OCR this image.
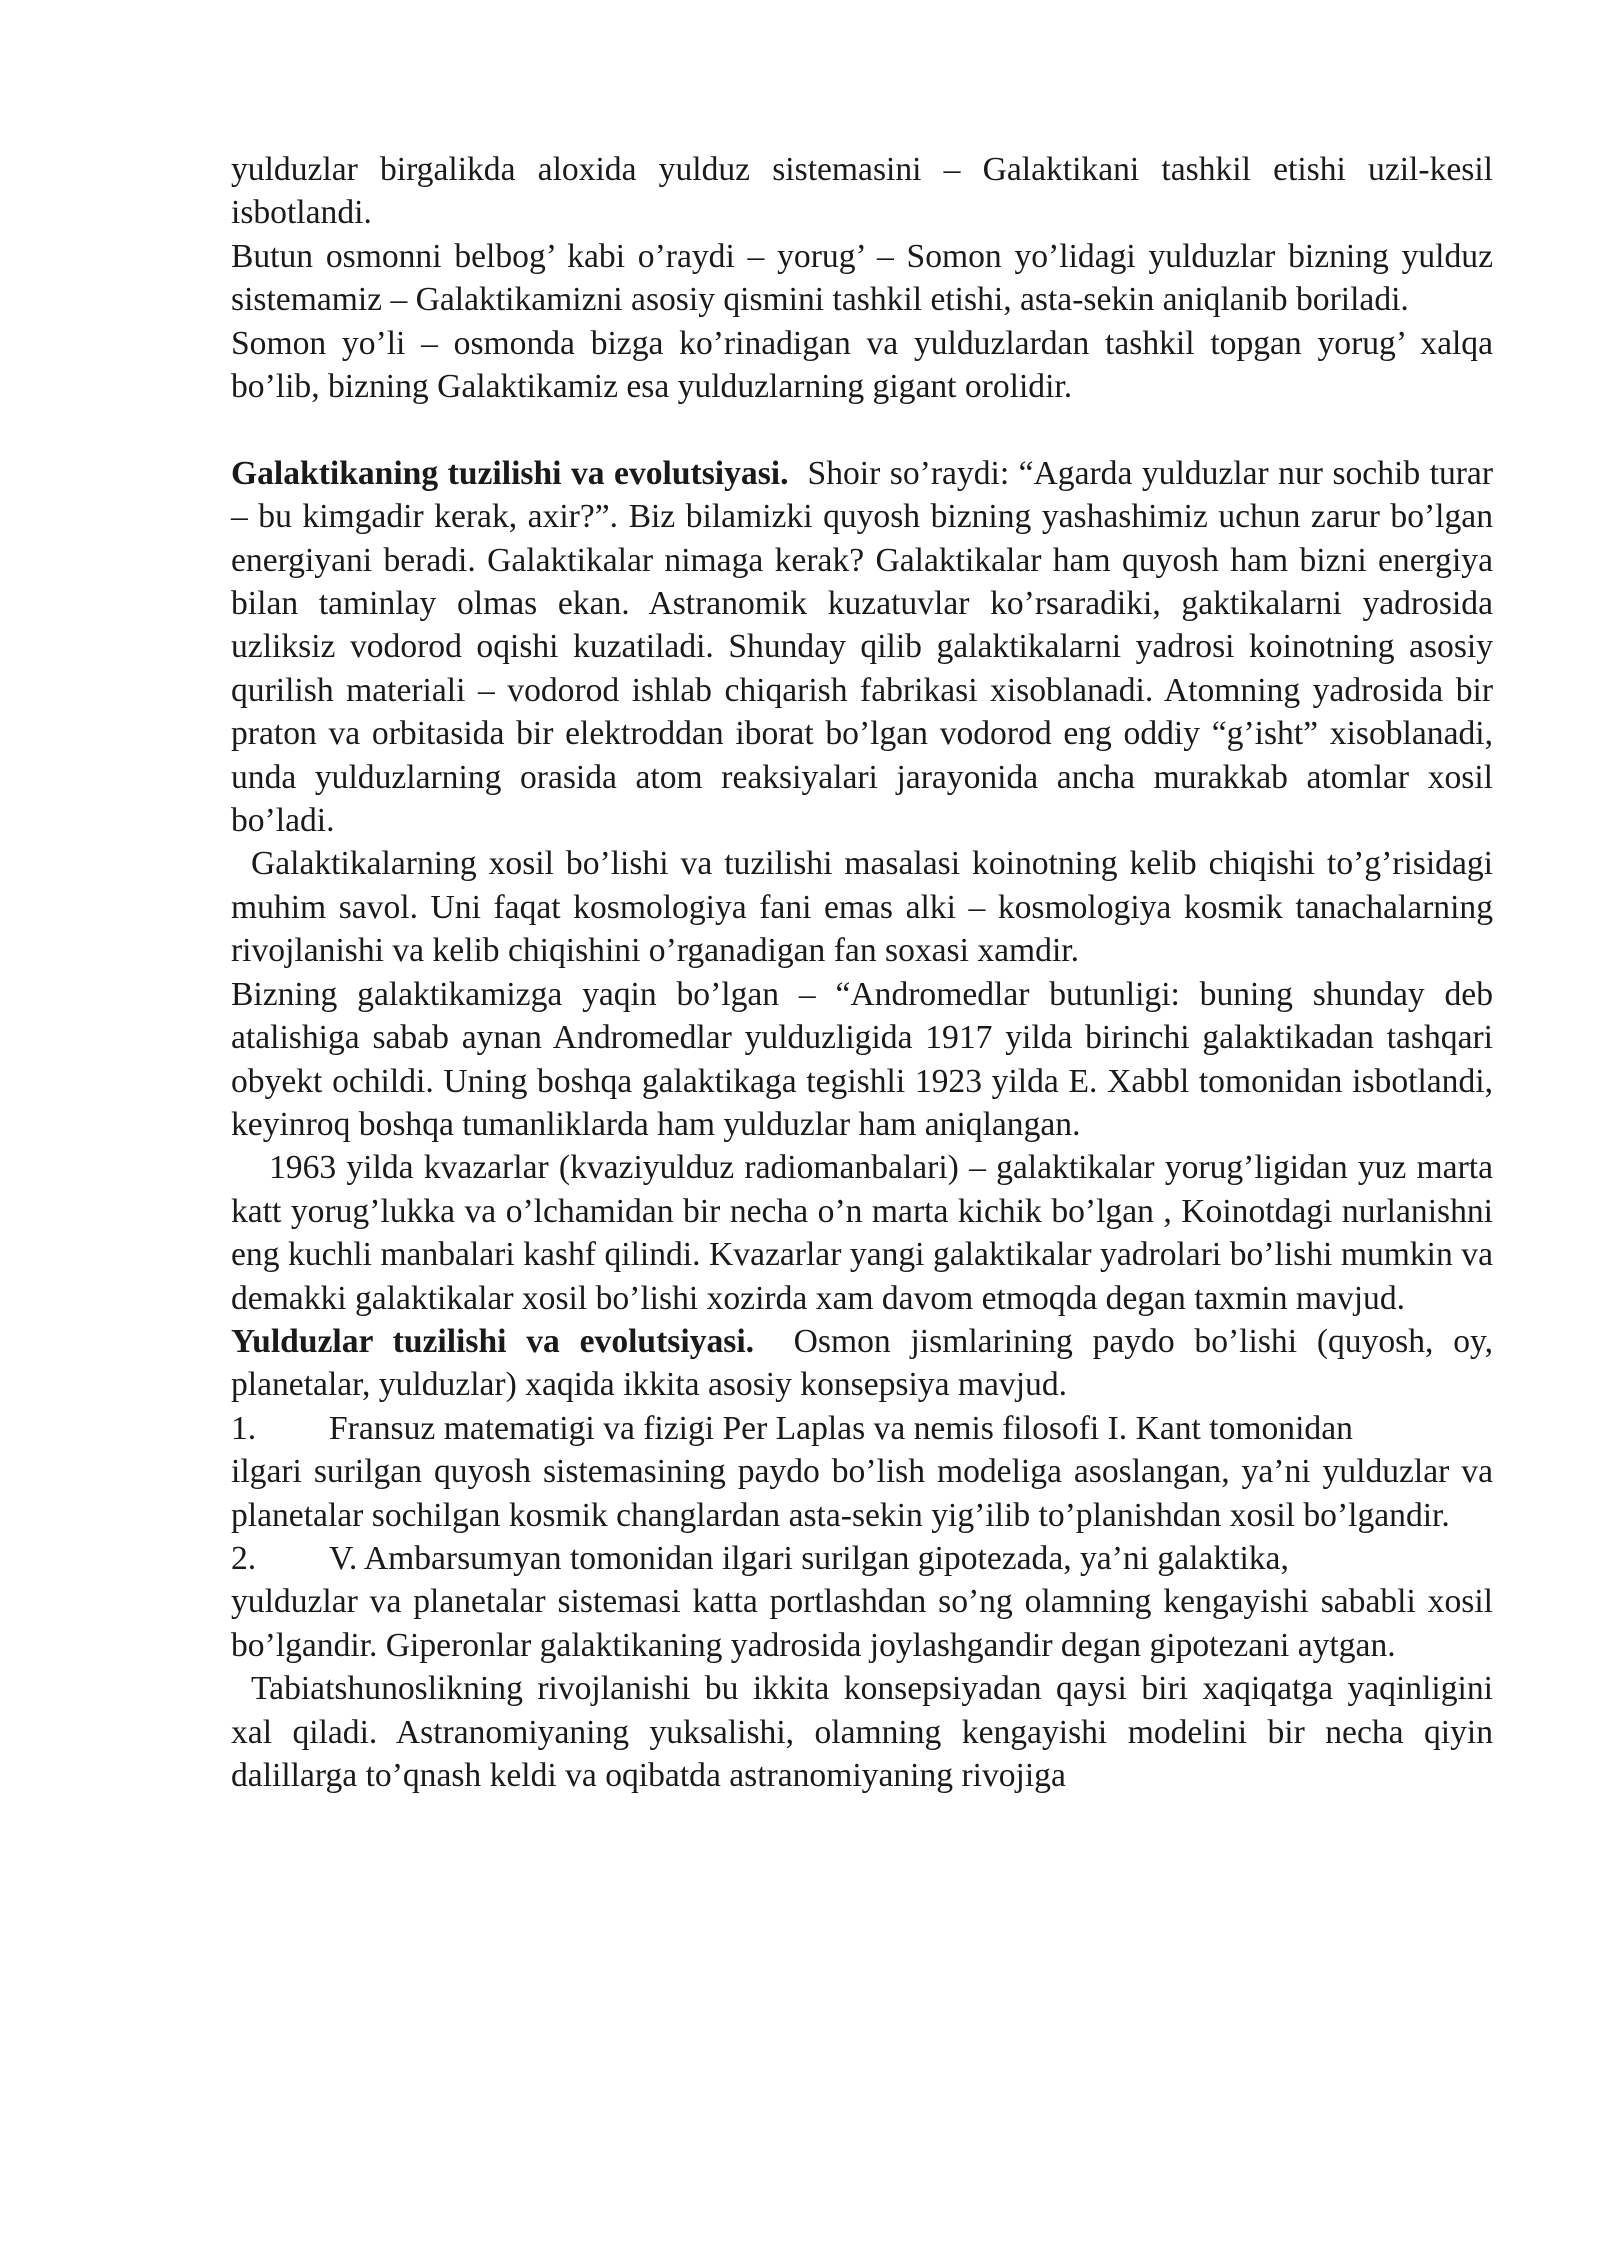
yulduzlar birgalikda aloxida yulduz sistemasini – Galaktikani tashkil etishi uzil-kesil isbotlandi.

Butun osmonni belbog’ kabi o’raydi – yorug’ – Somon yo’lidagi yulduzlar bizning yulduz sistemamiz – Galaktikamizni asosiy qismini tashkil etishi, asta-sekin aniqlanib boriladi.

Somon yo’li – osmonda bizga ko’rinadigan va yulduzlardan tashkil topgan yorug’ xalqa bo’lib, bizning Galaktikamiz esa yulduzlarning gigant orolidir.

Galaktikaning tuzilishi va evolutsiyasi. Shoir so’raydi: “Agarda yulduzlar nur sochib turar – bu kimgadir kerak, axir?”. Biz bilamizki quyosh bizning yashashimiz uchun zarur bo’lgan energiyani beradi. Galaktikalar nimaga kerak? Galaktikalar ham quyosh ham bizni energiya bilan taminlay olmas ekan. Astranomik kuzatuvlar ko’rsaradiki, gaktikalarni yadrosida uzliksiz vodorod oqishi kuzatiladi. Shunday qilib galaktikalarni yadrosi koinotning asosiy qurilish materiali – vodorod ishlab chiqarish fabrikasi xisoblanadi. Atomning yadrosida bir praton va orbitasida bir elektroddan iborat bo’lgan vodorod eng oddiy “g’isht” xisoblanadi, unda yulduzlarning orasida atom reaksiyalari jarayonida ancha murakkab atomlar xosil bo’ladi.

Galaktikalarning xosil bo’lishi va tuzilishi masalasi koinotning kelib chiqishi to’g’risidagi muhim savol. Uni faqat kosmologiya fani emas alki – kosmologiya kosmik tanachalarning rivojlanishi va kelib chiqishini o’rganadigan fan soxasi xamdir.

Bizning galaktikamizga yaqin bo’lgan – “Andromedlar butunligi: buning shunday deb atalishiga sabab aynan Andromedlar yulduzligida 1917 yilda birinchi galaktikadan tashqari obyekt ochildi. Uning boshqa galaktikaga tegishli 1923 yilda E. Xabbl tomonidan isbotlandi, keyinroq boshqa tumanliklarda ham yulduzlar ham aniqlangan.

1963 yilda kvazarlar (kvaziyulduz radiomanbalari) – galaktikalar yorug’ligidan yuz marta katt yorug’lukka va o’lchamidan bir necha o’n marta kichik bo’lgan , Koinotdagi nurlanishni eng kuchli manbalari kashf qilindi. Kvazarlar yangi galaktikalar yadrolari bo’lishi mumkin va demakki galaktikalar xosil bo’lishi xozirda xam davom etmoqda degan taxmin mavjud.

Yulduzlar tuzilishi va evolutsiyasi. Osmon jismlarining paydo bo’lishi (quyosh, oy, planetalar, yulduzlar) xaqida ikkita asosiy konsepsiya mavjud.

1.	Fransuz matematigi va fizigi Per Laplas va nemis filosofi I. Kant tomonidan

ilgari surilgan quyosh sistemasining paydo bo’lish modeliga asoslangan, ya’ni yulduzlar va planetalar sochilgan kosmik changlardan asta-sekin yig’ilib to’planishdan xosil bo’lgandir.

2.	V. Ambarsumyan tomonidan ilgari surilgan gipotezada, ya’ni galaktika,

yulduzlar va planetalar sistemasi katta portlashdan so’ng olamning kengayishi sababli xosil bo’lgandir. Giperonlar galaktikaning yadrosida joylashgandir degan gipotezani aytgan.

Tabiatshunoslikning rivojlanishi bu ikkita konsepsiyadan qaysi biri xaqiqatga yaqinligini xal qiladi. Astranomiyaning yuksalishi, olamning kengayishi modelini bir necha qiyin dalillarga to’qnash keldi va oqibatda astranomiyaning rivojiga
